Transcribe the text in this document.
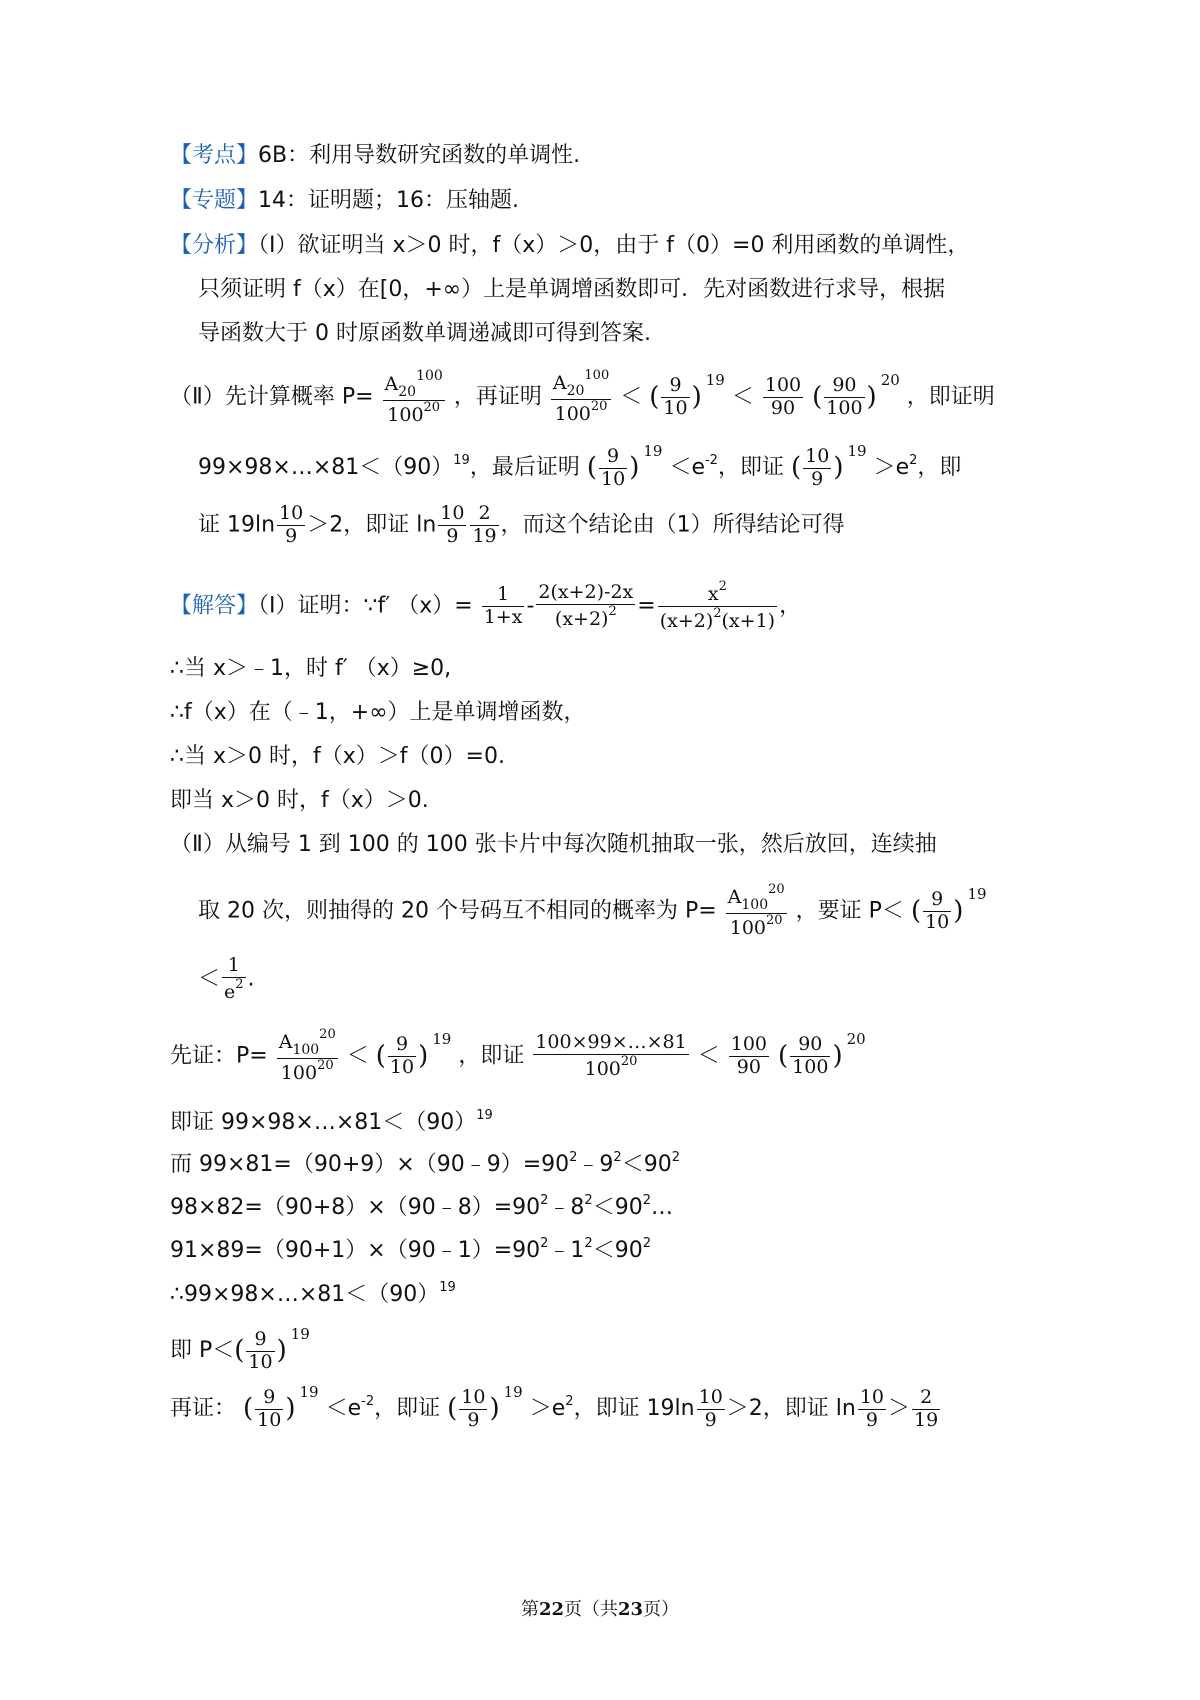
【考点】6B：利用导数研究函数的单调性.
【专题】14：证明题；16：压轴题.
【分析】（Ⅰ）欲证明当 x＞0 时，f（x）＞0，由于 f（0）=0 利用函数的单调性，
只须证明 f（x）在[0，+∞）上是单调增函数即可．先对函数进行求导，根据
导函数大于 0 时原函数单调递减即可得到答案.
（Ⅱ）先计算概率 $P= \frac{A_{20}^{100}}{100^{20}}$ ，再证明 $\frac{A_{20}^{100}}{100^{20}}$ ＜ ( $\frac{9}{10} )^{19} < \frac{100}{90}$ ( $\frac{90}{100} )^{20}$ ，即证明
$99\times 98\times\dots\times 81<(90)^{19}$，最后证明 ( $\frac{9}{10} )^{19} <e^{-2}$，即证 ( $\frac{10}{9} )^{19} >e^2$，即
证 $19\ln \frac{10}{9} >2$，即证 $\ln \frac{10}{9} \frac{2}{19}$ ，而这个结论由（1）所得结论可得
【解答】（Ⅰ）证明：∵f′ $(x)= \frac{1}{1+x} - \frac{2(x+2)-2x}{(x+2)^2} = \frac{x^2}{(x+2)^2(x+1)}$ ，
∴当 x＞﹣1，时 f′ （x）≥0,
∴f（x）在（﹣1，+∞）上是单调增函数，
∴当 x＞0 时，f（x）＞f（0）=0.
即当 x＞0 时，f（x）＞0.
（Ⅱ）从编号 1 到 100 的 100 张卡片中每次随机抽取一张，然后放回，连续抽
取 20 次，则抽得的 20 个号码互不相同的概率为 $P= \frac{A_{100}^{20}}{100^{20}}$ ，要证 P＜ ( $\frac{9}{10} )^{19}$
＜ $\frac{1}{e^2}$ .
先证：$P= \frac{A_{100}^{20}}{100^{20}}$ ＜ ( $\frac{9}{10} )^{19}$ ，即证 $\frac{100\times 99\times\dots\times 81}{100^{20}} < \frac{100}{90}$ ( $\frac{90}{100} )^{20}$
即证 $99\times 98\times\dots\times 81<(90)^{19}$
而 $99\times 81=(90+9)\times(90﹣9)=90^2﹣9^2<90^2$
$98\times 82=(90+8)\times(90﹣8)=90^2﹣8^2<90^2\dots$
$91\times 89=(90+1)\times(90﹣1)=90^2﹣1^2<90^2$
$\therefore 99\times 98\times\dots\times 81<(90)^{19}$
即 $P<( \frac{9}{10} )^{19}$
再证： ( $\frac{9}{10} )^{19} <e^{-2}$，即证 ( $\frac{10}{9} )^{19} >e^2$，即证 $19\ln \frac{10}{9} >2$，即证 $\ln \frac{10}{9} > \frac{2}{19}$
第22页（共23页）
